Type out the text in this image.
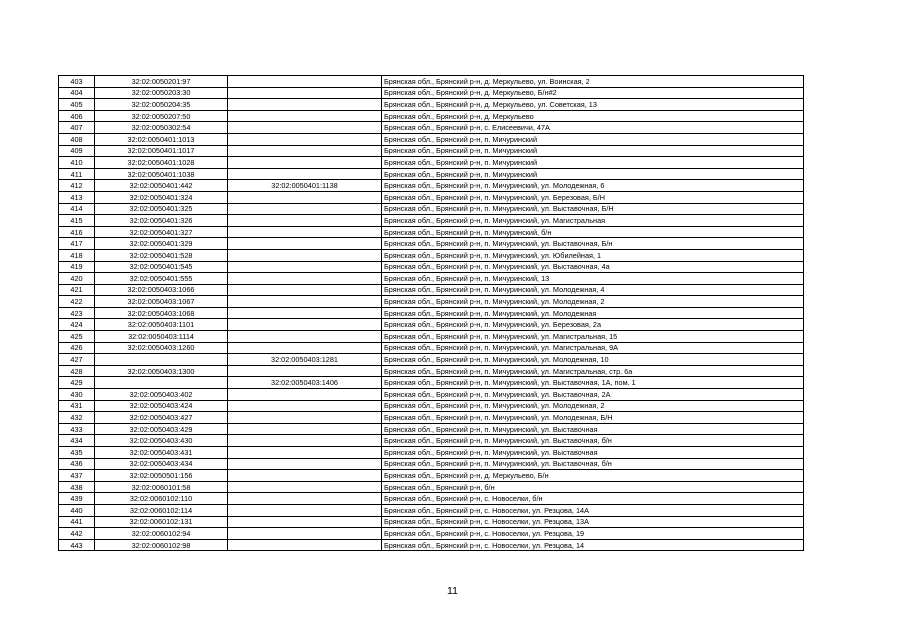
403	32:02:0050201:97		Брянская обл., Брянский р-н, д. Меркульево, ул. Воинская, 2
404	32:02:0050203:30		Брянская обл., Брянский р-н, д. Меркульево, Б/н#2
405	32:02:0050204:35		Брянская обл., Брянский р-н, д. Меркульево, ул. Советская, 13
406	32:02:0050207:50		Брянская обл., Брянский р-н, д. Меркульево
407	32:02:0050302:54		Брянская обл., Брянский р-н, с. Елисеевичи, 47А
408	32:02:0050401:1013		Брянская обл., Брянский р-н, п. Мичуринский
409	32:02:0050401:1017		Брянская обл., Брянский р-н, п. Мичуринский
410	32:02:0050401:1028		Брянская обл., Брянский р-н, п. Мичуринский
411	32:02:0050401:1038		Брянская обл., Брянский р-н, п. Мичуринский
412	32:02:0050401:442	32:02:0050401:1138	Брянская обл., Брянский р-н, п. Мичуринский, ул. Молодежная, 6
413	32:02:0050401:324		Брянская обл., Брянский р-н, п. Мичуринский, ул. Березовая, Б/Н
414	32:02:0050401:325		Брянская обл., Брянский р-н, п. Мичуринский, ул. Выставочная, Б/Н
415	32:02:0050401:326		Брянская обл., Брянский р-н, п. Мичуринский, ул. Магистральная
416	32:02:0050401:327		Брянская обл., Брянский р-н, п. Мичуринский, б/н
417	32:02:0050401:329		Брянская обл., Брянский р-н, п. Мичуринский, ул. Выставочная, Б/н
418	32:02:0050401:528		Брянская обл., Брянский р-н, п. Мичуринский, ул. Юбилейная, 1
419	32:02:0050401:545		Брянская обл., Брянский р-н, п. Мичуринский, ул. Выставочная, 4а
420	32:02:0050401:555		Брянская обл., Брянский р-н, п. Мичуринский, 13
421	32:02:0050403:1066		Брянская обл., Брянский р-н, п. Мичуринский, ул. Молодежная, 4
422	32:02:0050403:1067		Брянская обл., Брянский р-н, п. Мичуринский, ул. Молодежная, 2
423	32:02:0050403:1068		Брянская обл., Брянский р-н, п. Мичуринский, ул. Молодежная
424	32:02:0050403:1101		Брянская обл., Брянский р-н, п. Мичуринский, ул. Березовая, 2а
425	32:02:0050403:1114		Брянская обл., Брянский р-н, п. Мичуринский, ул. Магистральная, 15
426	32:02:0050403:1260		Брянская обл., Брянский р-н, п. Мичуринский, ул. Магистральная, 9А
427		32:02:0050403:1281	Брянская обл., Брянский р-н, п. Мичуринский, ул. Молодежная, 10
428	32:02:0050403:1300		Брянская обл., Брянский р-н, п. Мичуринский, ул. Магистральная, стр. 6а
429		32:02:0050403:1406	Брянская обл., Брянский р-н, п. Мичуринский, ул. Выставочная, 1А, пом. 1
430	32:02:0050403:402		Брянская обл., Брянский р-н, п. Мичуринский, ул. Выставочная, 2А
431	32:02:0050403:424		Брянская обл., Брянский р-н, п. Мичуринский, ул. Молодежная, 2
432	32:02:0050403:427		Брянская обл., Брянский р-н, п. Мичуринский, ул. Молодежная, Б/Н
433	32:02:0050403:429		Брянская обл., Брянский р-н, п. Мичуринский, ул. Выставочная
434	32:02:0050403:430		Брянская обл., Брянский р-н, п. Мичуринский, ул. Выставочная, б/н
435	32:02:0050403:431		Брянская обл., Брянский р-н, п. Мичуринский, ул. Выставочная
436	32:02:0050403:434		Брянская обл., Брянский р-н, п. Мичуринский, ул. Выставочная, б/н
437	32:02:0050501:156		Брянская обл., Брянский р-н, д. Меркульево, Б/н
438	32:02:0060101:58		Брянская обл., Брянский р-н, б/н
439	32:02:0060102:110		Брянская обл., Брянский р-н, с. Новоселки, б/н
440	32:02:0060102:114		Брянская обл., Брянский р-н, с. Новоселки, ул. Резцова, 14А
441	32:02:0060102:131		Брянская обл., Брянский р-н, с. Новоселки, ул. Резцова, 13А
442	32:02:0060102:94		Брянская обл., Брянский р-н, с. Новоселки, ул. Резцова, 19
443	32:02:0060102:98		Брянская обл., Брянский р-н, с. Новоселки, ул. Резцова, 14
11
